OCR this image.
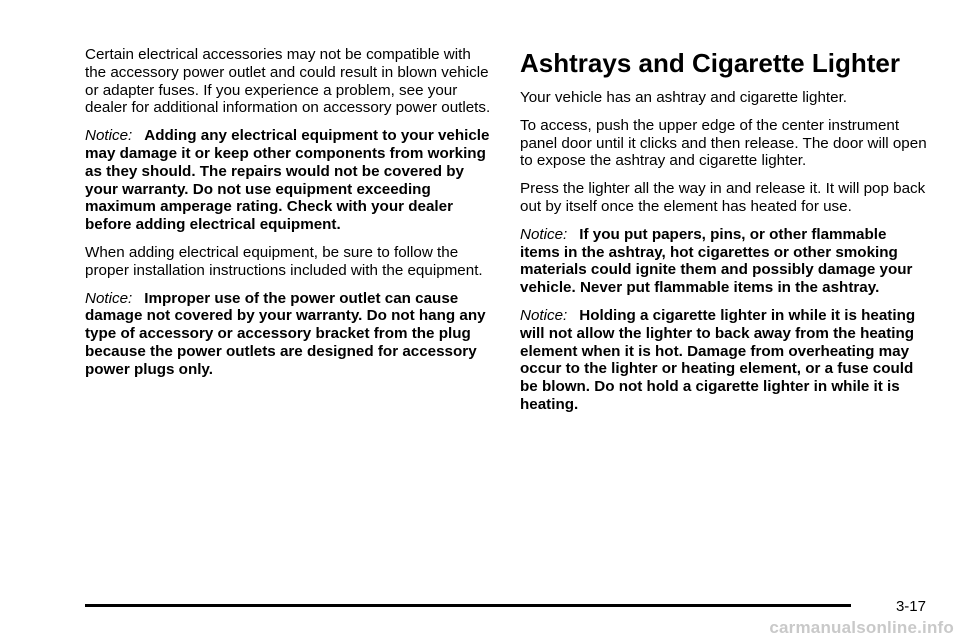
Certain electrical accessories may not be compatible with the accessory power outlet and could result in blown vehicle or adapter fuses. If you experience a problem, see your dealer for additional information on accessory power outlets.

Notice: Adding any electrical equipment to your vehicle may damage it or keep other components from working as they should. The repairs would not be covered by your warranty. Do not use equipment exceeding maximum amperage rating. Check with your dealer before adding electrical equipment.

When adding electrical equipment, be sure to follow the proper installation instructions included with the equipment.

Notice: Improper use of the power outlet can cause damage not covered by your warranty. Do not hang any type of accessory or accessory bracket from the plug because the power outlets are designed for accessory power plugs only.

Ashtrays and Cigarette Lighter

Your vehicle has an ashtray and cigarette lighter.

To access, push the upper edge of the center instrument panel door until it clicks and then release. The door will open to expose the ashtray and cigarette lighter.

Press the lighter all the way in and release it. It will pop back out by itself once the element has heated for use.

Notice: If you put papers, pins, or other flammable items in the ashtray, hot cigarettes or other smoking materials could ignite them and possibly damage your vehicle. Never put flammable items in the ashtray.

Notice: Holding a cigarette lighter in while it is heating will not allow the lighter to back away from the heating element when it is hot. Damage from overheating may occur to the lighter or heating element, or a fuse could be blown. Do not hold a cigarette lighter in while it is heating.

3-17
carmanualsonline.info
